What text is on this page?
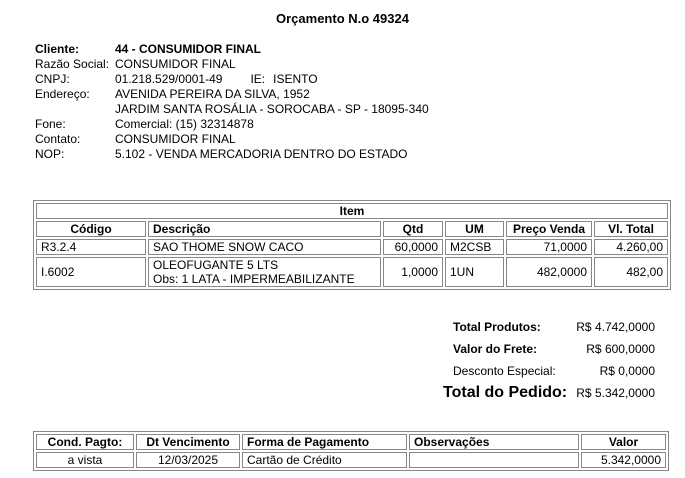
Orçamento N.o 49324
Cliente:	44 - CONSUMIDOR FINAL
Razão Social: CONSUMIDOR FINAL
CNPJ:	01.218.529/0001-49 IE: ISENTO
Endereço:	AVENIDA PEREIRA DA SILVA, 1952
JARDIM SANTA ROSÁLIA - SOROCABA - SP - 18095-340
Fone:	Comercial: (15) 32314878
Contato:	CONSUMIDOR FINAL
NOP:	5.102 - VENDA MERCADORIA DENTRO DO ESTADO
Item					
Código	Descrição	Qtd	UM	Preço Venda	Vl. Total
R3.2.4	SAO THOME SNOW CACO	60,0000	M2CSB	71,0000	4.260,00
I.6002	OLEOFUGANTE 5 LTS
Obs: 1 LATA - IMPERMEABILIZANTE	1,0000	1UN	482,0000	482,00
Total Produtos:	R$ 4.742,0000
Valor do Frete:	R$ 600,0000
Desconto Especial:	R$ 0,0000
Total do Pedido: R$ 5.342,0000
Cond. Pagto:	Dt Vencimento	Forma de Pagamento	Observações	Valor
a vista	12/03/2025	Cartão de Crédito		5.342,0000
